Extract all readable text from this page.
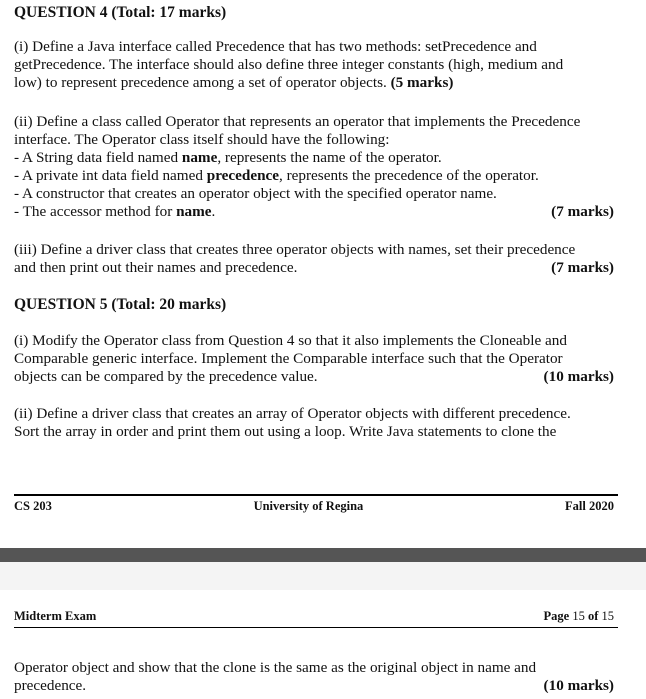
QUESTION 4 (Total: 17 marks)
(i) Define a Java interface called Precedence that has two methods: setPrecedence and
getPrecedence. The interface should also define three integer constants (high, medium and
low) to represent precedence among a set of operator objects. (5 marks)
(ii) Define a class called Operator that represents an operator that implements the Precedence
interface. The Operator class itself should have the following:
- A String data field named name, represents the name of the operator.
- A private int data field named precedence, represents the precedence of the operator.
- A constructor that creates an operator object with the specified operator name.
- The accessor method for name.	(7 marks)
(iii) Define a driver class that creates three operator objects with names, set their precedence
and then print out their names and precedence.	(7 marks)
QUESTION 5 (Total: 20 marks)
(i) Modify the Operator class from Question 4 so that it also implements the Cloneable and
Comparable generic interface. Implement the Comparable interface such that the Operator
objects can be compared by the precedence value.	(10 marks)
(ii) Define a driver class that creates an array of Operator objects with different precedence.
Sort the array in order and print them out using a loop. Write Java statements to clone the
CS 203	University of Regina	Fall 2020
Midterm Exam	Page 15 of 15
Operator object and show that the clone is the same as the original object in name and
precedence.	(10 marks)
